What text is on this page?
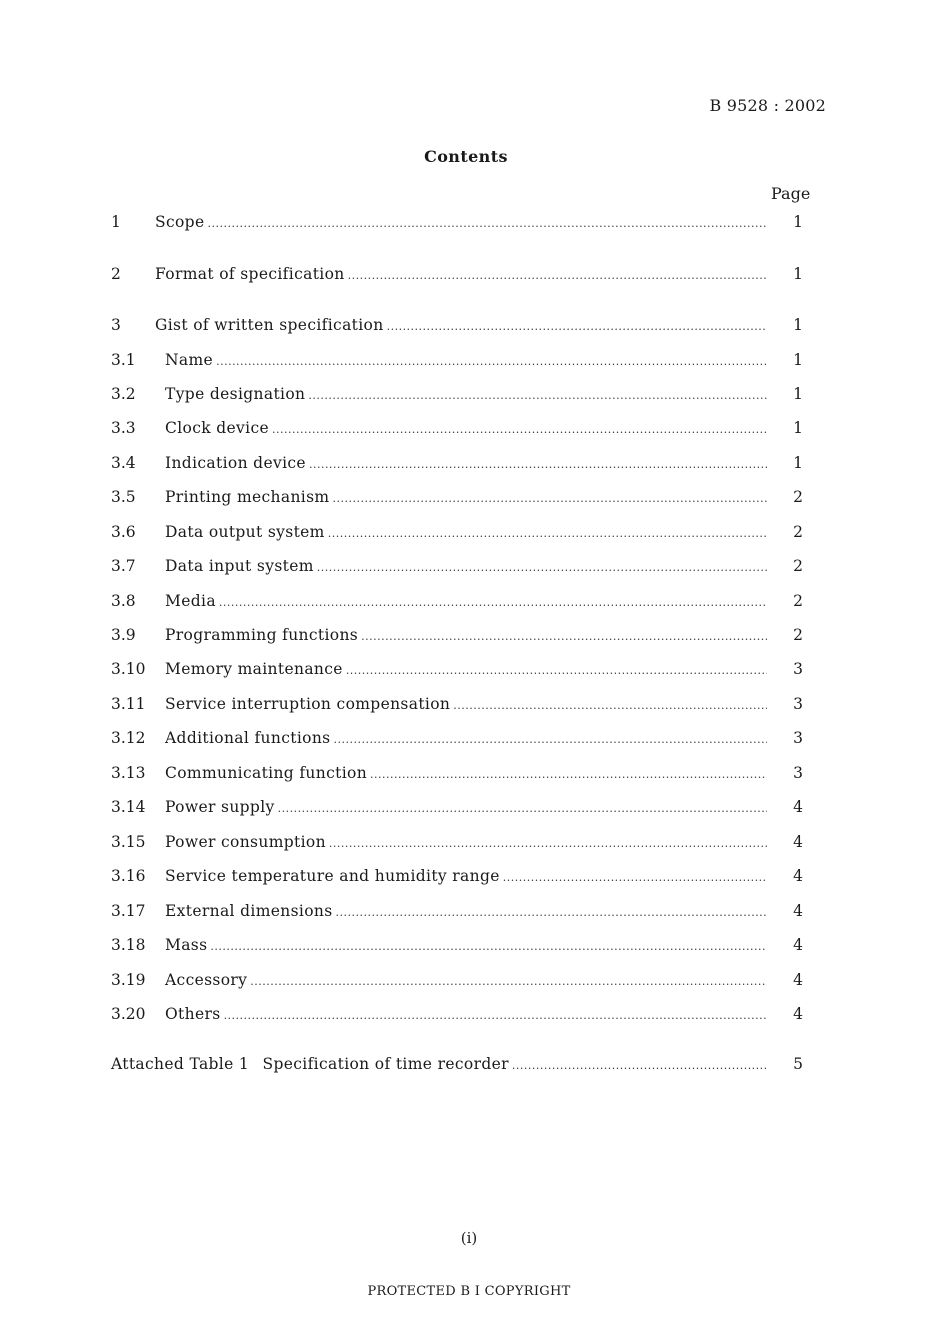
B 9528 : 2002
Contents
Page
1 Scope .....	1
2 Format of specification .....	1
3 Gist of written specification .....	1
3.1 Name .....	1
3.2 Type designation .....	1
3.3 Clock device .....	1
3.4 Indication device .....	1
3.5 Printing mechanism .....	2
3.6 Data output system .....	2
3.7 Data input system .....	2
3.8 Media .....	2
3.9 Programming functions .....	2
3.10 Memory maintenance .....	3
3.11 Service interruption compensation .....	3
3.12 Additional functions .....	3
3.13 Communicating function .....	3
3.14 Power supply .....	4
3.15 Power consumption .....	4
3.16 Service temperature and humidity range .....	4
3.17 External dimensions .....	4
3.18 Mass .....	4
3.19 Accessory .....	4
3.20 Others .....	4
Attached Table 1  Specification of time recorder .....	5
(i)
PROTECTED B I COPYRIGHT
